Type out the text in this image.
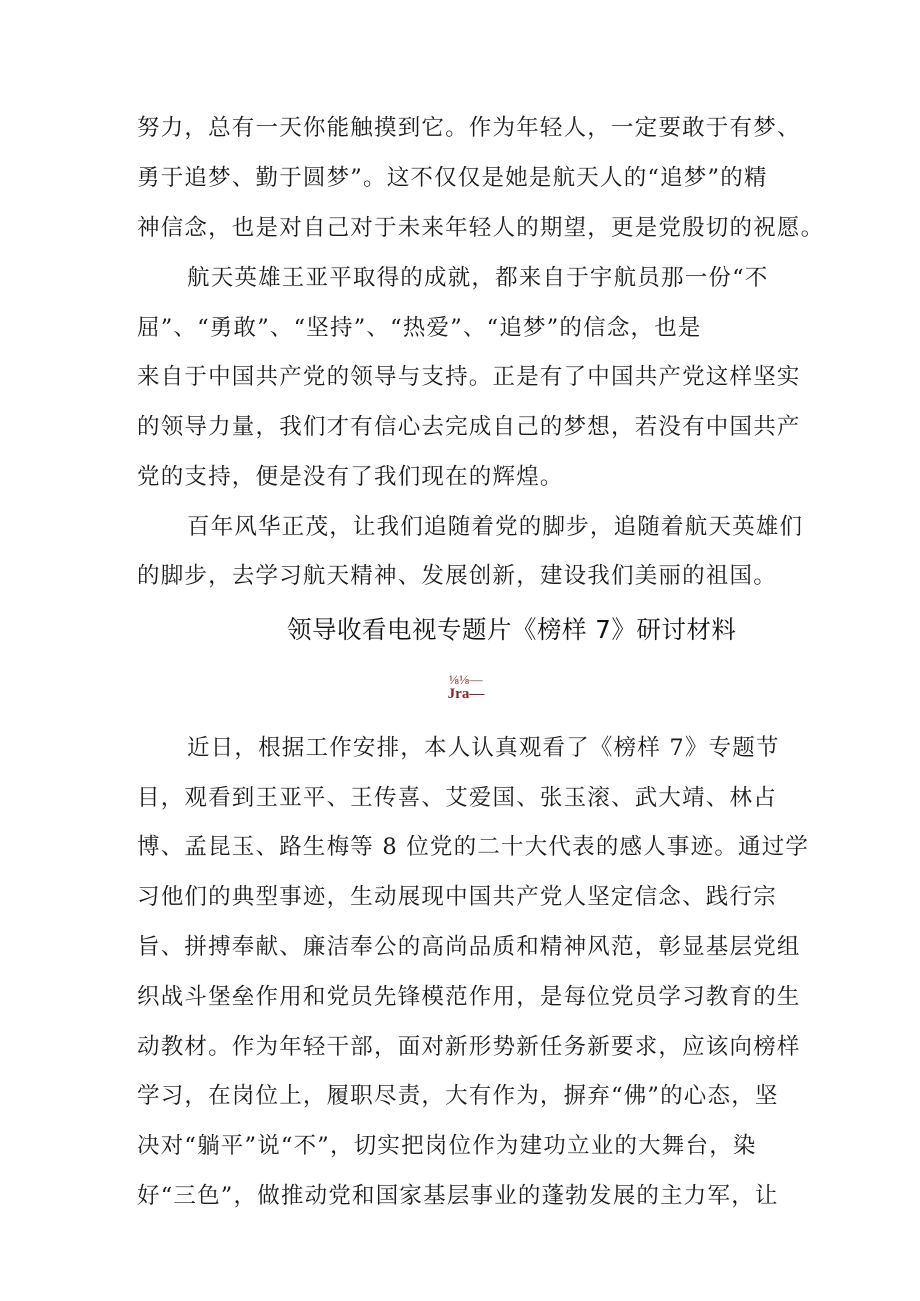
努力，总有一天你能触摸到它。作为年轻人，一定要敢于有梦、
勇于追梦、勤于圆梦”。这不仅仅是她是航天人的“追梦”的精
神信念，也是对自己对于未来年轻人的期望，更是党殷切的祝愿。
航天英雄王亚平取得的成就，都来自于宇航员那一份“不
屈”、“勇敢”、“坚持”、“热爱”、“追梦”的信念，也是
来自于中国共产党的领导与支持。正是有了中国共产党这样坚实
的领导力量，我们才有信心去完成自己的梦想，若没有中国共产
党的支持，便是没有了我们现在的辉煌。
百年风华正茂，让我们追随着党的脚步，追随着航天英雄们
的脚步，去学习航天精神、发展创新，建设我们美丽的祖国。
领导收看电视专题片《榜样 7》研讨材料
⅛⅛—
Jra—
近日，根据工作安排，本人认真观看了《榜样 7》专题节
目，观看到王亚平、王传喜、艾爱国、张玉滚、武大靖、林占
博、孟昆玉、路生梅等 8 位党的二十大代表的感人事迹。通过学
习他们的典型事迹，生动展现中国共产党人坚定信念、践行宗
旨、拼搏奉献、廉洁奉公的高尚品质和精神风范，彰显基层党组
织战斗堡垒作用和党员先锋模范作用，是每位党员学习教育的生
动教材。作为年轻干部，面对新形势新任务新要求，应该向榜样
学习，在岗位上，履职尽责，大有作为，摒弃“佛”的心态，坚
决对“躺平”说“不”，切实把岗位作为建功立业的大舞台，染
好“三色”，做推动党和国家基层事业的蓬勃发展的主力军，让
